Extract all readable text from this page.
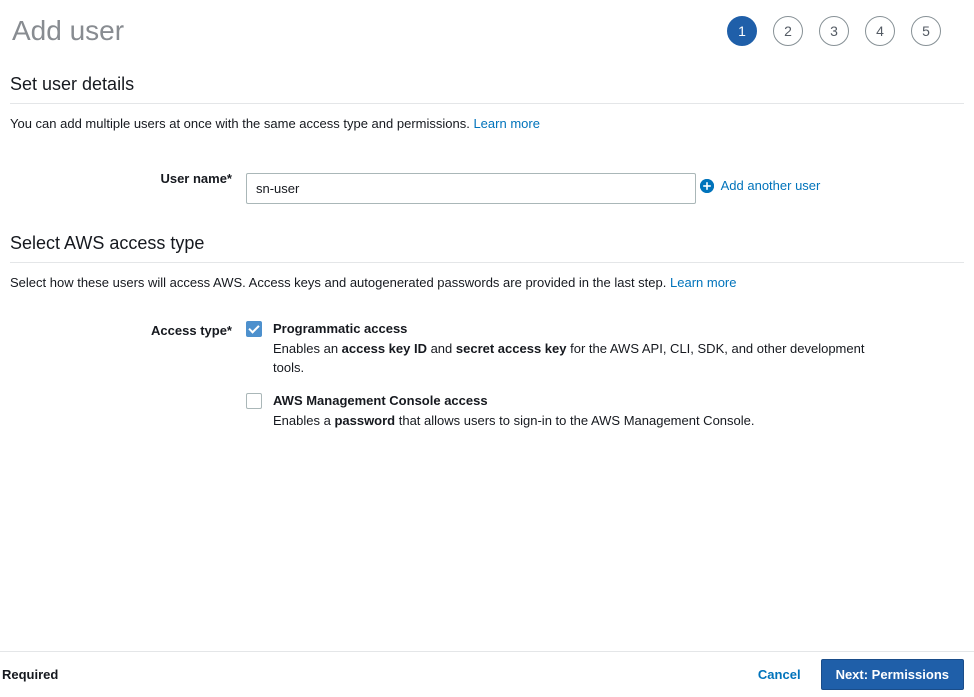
Add user	1	2	3	4	5
Set user details

You can add multiple users at once with the same access type and permissions. Learn more

User name*
sn-user	Add another user
Select AWS access type

Select how these users will access AWS. Access keys and autogenerated passwords are provided in the last step. Learn more

Access type*	Programmatic access
Enables an access key ID and secret access key for the AWS API, CLI, SDK, and other development tools.
AWS Management Console access
Enables a password that allows users to sign-in to the AWS Management Console.
Required	Cancel	Next: Permissions
